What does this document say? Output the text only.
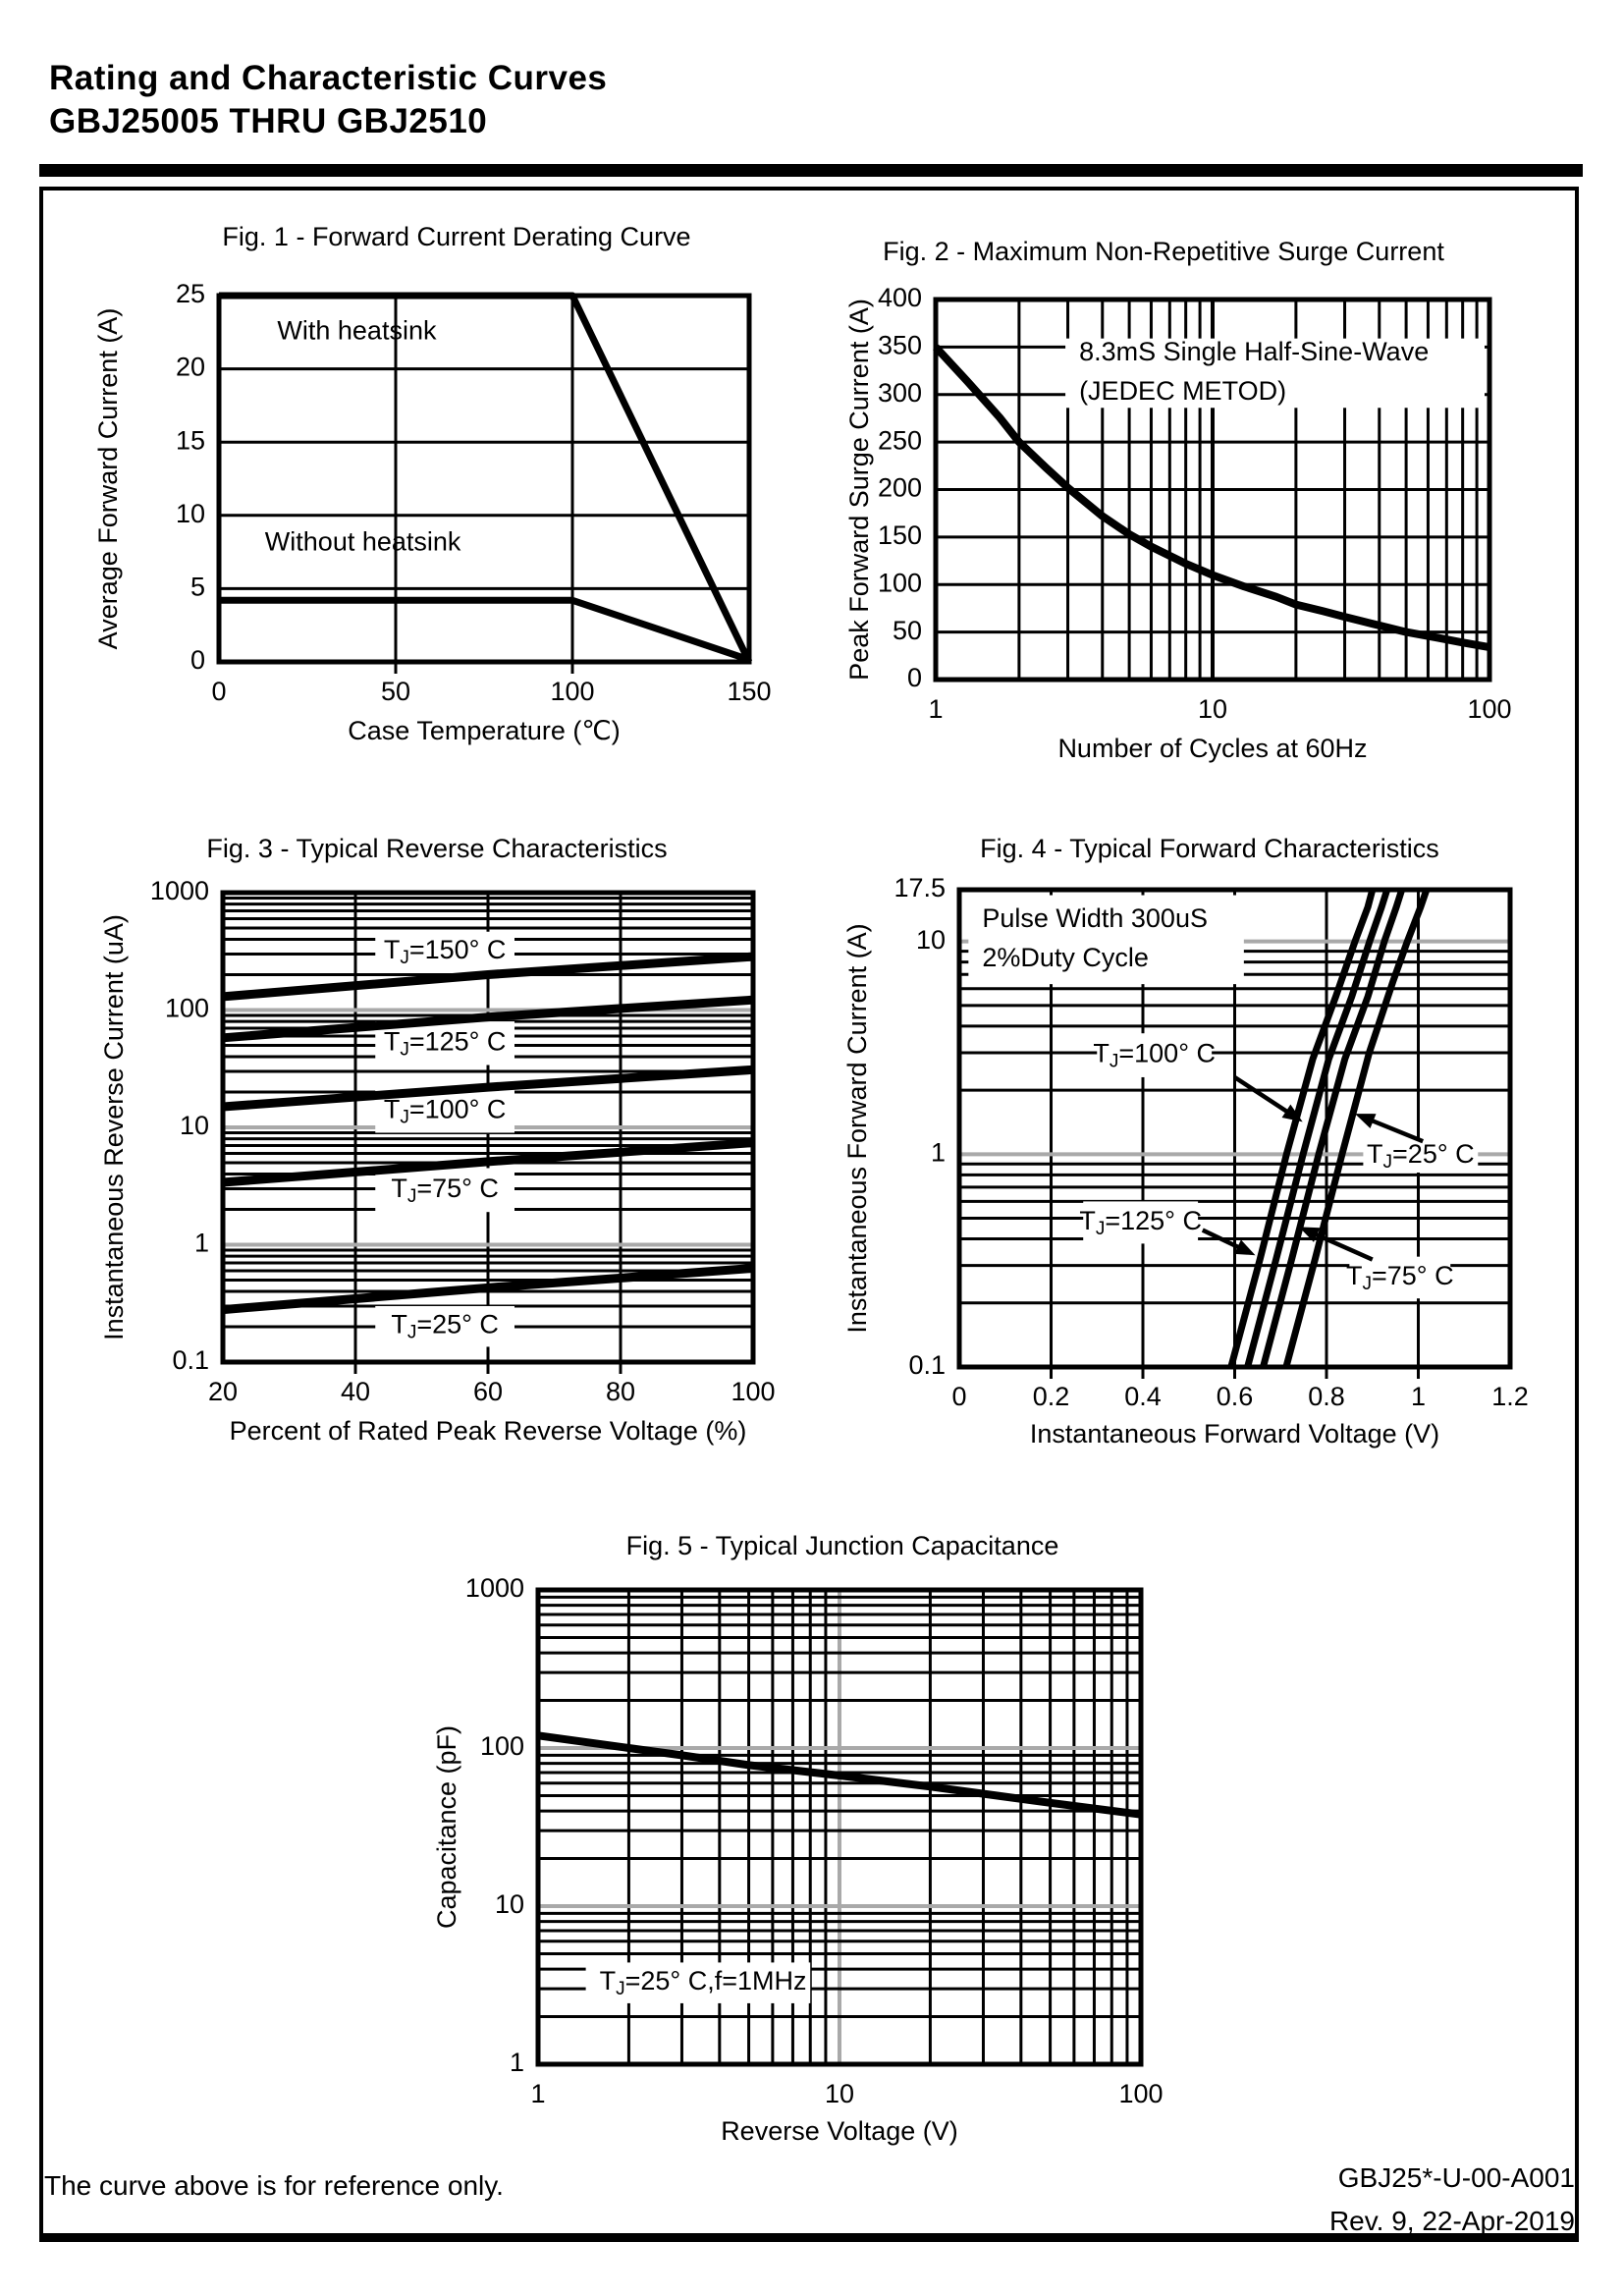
Rating and Characteristic Curves
GBJ25005 THRU GBJ2510
With heatsink
Without heatsink
0	50	100	150
0
5
10
15
20
25
Case Temperature (℃)
Average Forward Current (A)
Fig. 1 - Forward Current Derating Curve
8.3mS Single Half-Sine-Wave
(JEDEC METOD)
1	10	100
0
50
100
150
200
250
300
350
400
Number of Cycles at 60Hz
Peak Forward Surge Current (A)
Fig. 2 - Maximum Non-Repetitive Surge Current
$T_J=150^\circ$ C
$T_J=125^\circ$ C
$T_J=100^\circ$ C
$T_J=75^\circ$ C
$T_J=25^\circ$ C
20	40	60	80	100
0.1
1
10
100
1000
Percent of Rated Peak Reverse Voltage (%)
Instantaneous Reverse Current (uA)
Fig. 3 - Typical Reverse Characteristics
Pulse Width 300uS
2%Duty Cycle
$T_J=100^\circ$ C
$T_J=25^\circ$ C
$T_J=125^\circ$ C
$T_J=75^\circ$ C
0 0.2 0.4 0.6 0.8 1 1.2
17.5
10
1
0.1
Instantaneous Forward Voltage (V)
Instantaneous Forward Current (A)
Fig. 4 - Typical Forward Characteristics
$T_J=25^\circ$ C,f=1MHz
1	10	100
1
10
100
1000
Reverse Voltage (V)
Capacitance (pF)
Fig. 5 - Typical Junction Capacitance
The curve above is for reference only.	GBJ25*-U-00-A001
Rev. 9, 22-Apr-2019
